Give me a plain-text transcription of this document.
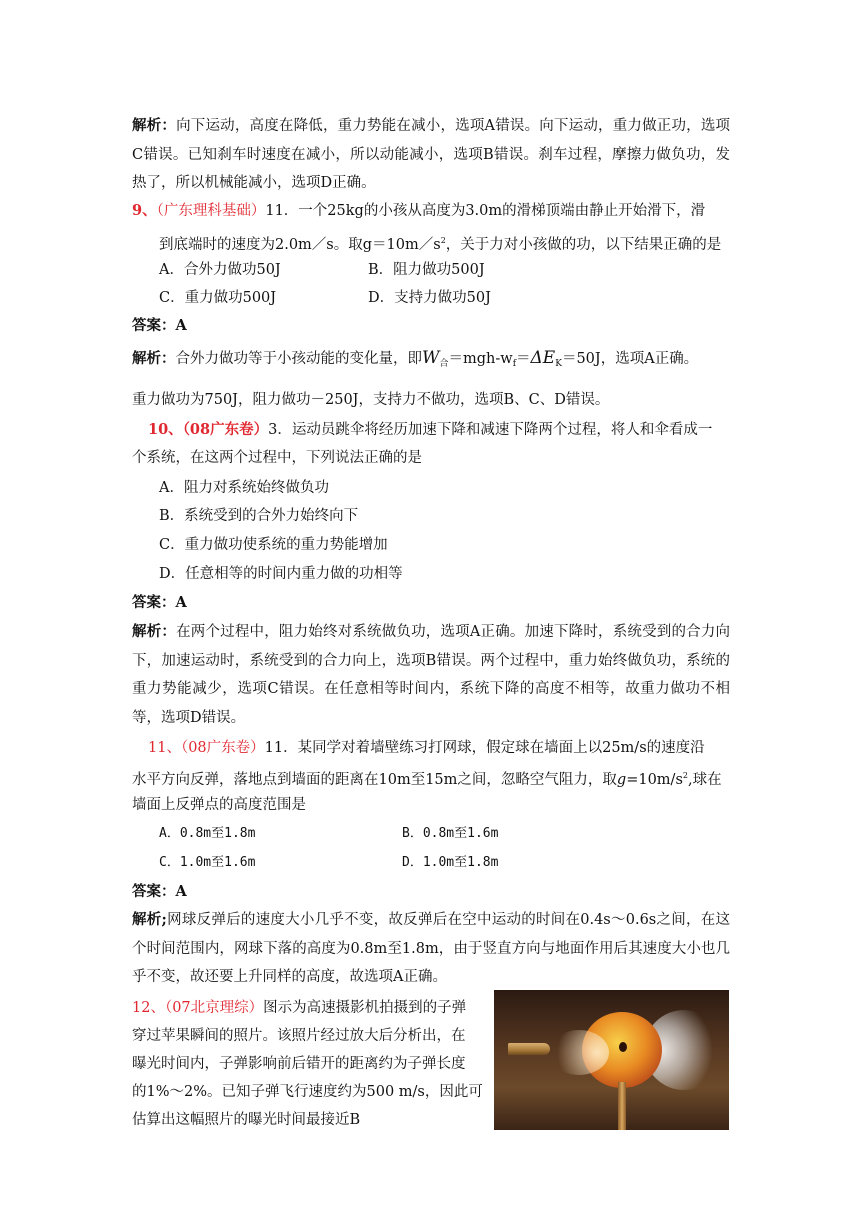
解析：向下运动，高度在降低，重力势能在减小，选项A错误。向下运动，重力做正功，选项C错误。已知刹车时速度在减小，所以动能减小，选项B错误。刹车过程，摩擦力做负功，发热了，所以机械能减小，选项D正确。

9、（广东理科基础）11．一个25kg的小孩从高度为3.0m的滑梯顶端由静止开始滑下，滑
到底端时的速度为2.0m／s。取$g=10m/s^2$，关于力对小孩做的功，以下结果正确的是
A．合外力做功50J	B．阻力做功500J
C．重力做功500J	D．支持力做功50J
答案：A
解析：合外力做功等于小孩动能的变化量，即$W_合=mgh-w_f=\Delta E_K=50J$，选项A正确。
重力做功为750J，阻力做功－250J，支持力不做功，选项B、C、D错误。
10、（08广东卷）3．运动员跳伞将经历加速下降和减速下降两个过程，将人和伞看成一
个系统，在这两个过程中，下列说法正确的是
A．阻力对系统始终做负功
B．系统受到的合外力始终向下
C．重力做功使系统的重力势能增加
D．任意相等的时间内重力做的功相等
答案：A

解析：在两个过程中，阻力始终对系统做负功，选项A正确。加速下降时，系统受到的合力向下，加速运动时，系统受到的合力向上，选项B错误。两个过程中，重力始终做负功，系统的重力势能减少，选项C错误。在任意相等时间内，系统下降的高度不相等，故重力做功不相等，选项D错误。

11、（08广东卷）11．某同学对着墙壁练习打网球，假定球在墙面上以25m/s的速度沿
水平方向反弹，落地点到墙面的距离在10m至15m之间，忽略空气阻力，取$g=10m/s^2$,球在
墙面上反弹点的高度范围是
A．0.8m至1.8m	B．0.8m至1.6m
C．1.0m至1.6m	D．1.0m至1.8m
答案：A

解析;网球反弹后的速度大小几乎不变，故反弹后在空中运动的时间在0.4s～0.6s之间，在这个时间范围内，网球下落的高度为0.8m至1.8m，由于竖直方向与地面作用后其速度大小也几乎不变，故还要上升同样的高度，故选项A正确。

12、（07北京理综）图示为高速摄影机拍摄到的子弹
穿过苹果瞬间的照片。该照片经过放大后分析出，在
曝光时间内，子弹影响前后错开的距离约为子弹长度
的1%～2%。已知子弹飞行速度约为500 m/s，因此可
估算出这幅照片的曝光时间最接近B
